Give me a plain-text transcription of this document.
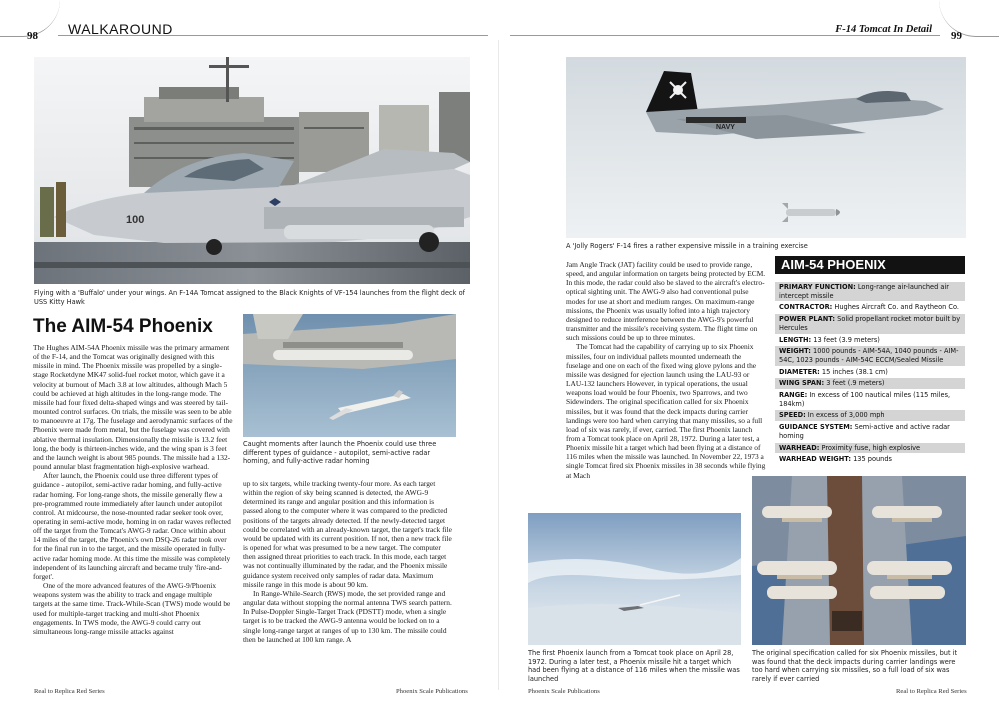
98	99
WALKAROUND	F-14 Tomcat In Detail
100
Flying with a 'Buffalo' under your wings. An F-14A Tomcat assigned to the Black Knights of VF-154 launches from the flight deck of USS Kitty Hawk
The AIM-54 Phoenix

The Hughes AIM-54A Phoenix missile was the primary armament of the F-14, and the Tomcat was originally designed with this missile in mind. The Phoenix missile was propelled by a single-stage Rocketdyne MK47 solid-fuel rocket motor, which gave it a velocity at burnout of Mach 3.8 at low altitudes, although Mach 5 could be achieved at high altitudes in the long-range mode. The missile had four fixed delta-shaped wings and was steered by tail-mounted control surfaces. On trials, the missile was seen to be able to manoeuvre at 17g. The fuselage and aerodynamic surfaces of the Phoenix were made from metal, but the fuselage was covered with ablative thermal insulation. Dimensionally the missile is 13.2 feet long, the body is thirteen-inches wide, and the wing span is 3 feet and the launch weight is about 985 pounds. The missile had a 132-pound annular blast fragmentation high-explosive warhead.

After launch, the Phoenix could use three different types of guidance - autopilot, semi-active radar homing, and fully-active radar homing. For long-range shots, the missile generally flew a pre-programmed route immediately after launch under autopilot control. At midcourse, the nose-mounted radar seeker took over, operating in semi-active mode, homing in on radar waves reflected off the target from the Tomcat's AWG-9 radar. Once within about 14 miles of the target, the Phoenix's own DSQ-26 radar took over for the final run in to the target, and the missile operated in fully-active radar homing mode. At this time the missile was completely independent of its launching aircraft and became truly 'fire-and-forget'.

One of the more advanced features of the AWG-9/Phoenix weapons system was the ability to track and engage multiple targets at the same time. Track-While-Scan (TWS) mode would be used for multiple-target tracking and multi-shot Phoenix engagements. In TWS mode, the AWG-9 could carry out simultaneous long-range missile attacks against

Caught moments after launch the Phoenix could use three different types of guidance - autopilot, semi-active radar homing, and fully-active radar homing

up to six targets, while tracking twenty-four more. As each target within the region of sky being scanned is detected, the AWG-9 determined its range and angular position and this information is passed along to the computer where it was compared to the predicted positions of the targets already detected. If the newly-detected target could be correlated with an already-known target, the target's track file would be updated with its current position. If not, then a new track file is opened for what was presumed to be a new target. The computer then assigned threat priorities to each track. In this mode, each target was not continually illuminated by the radar, and the Phoenix missile guidance system received only samples of radar data. Maximum missile range in this mode is about 90 km.

In Range-While-Search (RWS) mode, the set provided range and angular data without stopping the normal antenna TWS search pattern. In Pulse-Doppler Single-Target Track (PDSTT) mode, when a single target is to be tracked the AWG-9 antenna would be locked on to a single long-range target at ranges of up to 130 km. The missile could then be launched at 100 km range. A

NAVY
A 'Jolly Rogers' F-14 fires a rather expensive missile in a training exercise

Jam Angle Track (JAT) facility could be used to provide range, speed, and angular information on targets being protected by ECM. In this mode, the radar could also be slaved to the aircraft's electro-optical sighting unit. The AWG-9 also had conventional pulse modes for use at short and medium ranges. On maximum-range missions, the Phoenix was usually lofted into a high trajectory designed to reduce interference between the AWG-9's powerful transmitter and the missile's receiving system. The flight time on such missions could be up to three minutes.

The Tomcat had the capability of carrying up to six Phoenix missiles, four on individual pallets mounted underneath the fuselage and one on each of the fixed wing glove pylons and the missile was designed for ejection launch using the LAU-93 or LAU-132 launchers However, in typical operations, the usual weapons load would be four Phoenix, two Sparrows, and two Sidewinders. The original specification called for six Phoenix missiles, but it was found that the deck impacts during carrier landings were too hard when carrying that many missiles, so a full load of six was rarely, if ever, carried. The first Phoenix launch from a Tomcat took place on April 28, 1972. During a later test, a Phoenix missile hit a target which had been flying at a distance of 116 miles when the missile was launched. In November 22, 1973 a single Tomcat fired six Phoenix missiles in 38 seconds while flying at Mach

AIM-54 PHOENIX
PRIMARY FUNCTION: Long-range air-launched air intercept missile
CONTRACTOR: Hughes Aircraft Co. and Raytheon Co.
POWER PLANT: Solid propellant rocket motor built by Hercules
LENGTH: 13 feet (3.9 meters)
WEIGHT: 1000 pounds - AIM-54A, 1040 pounds - AIM-54C, 1023 pounds - AIM-54C ECCM/Sealed Missile
DIAMETER: 15 inches (38.1 cm)
WING SPAN: 3 feet (.9 meters)
RANGE: In excess of 100 nautical miles (115 miles, 184km)
SPEED: In excess of 3,000 mph
GUIDANCE SYSTEM: Semi-active and active radar homing
WARHEAD: Proximity fuse, high explosive
WARHEAD WEIGHT: 135 pounds
The first Phoenix launch from a Tomcat took place on April 28, 1972. During a later test, a Phoenix missile hit a target which had been flying at a distance of 116 miles when the missile was launched
The original specification called for six Phoenix missiles, but it was found that the deck impacts during carrier landings were too hard when carrying six missiles, so a full load of six was rarely if ever carried
Real to Replica Red Series	Phoenix Scale Publications	Phoenix Scale Publications	Real to Replica Red Series
